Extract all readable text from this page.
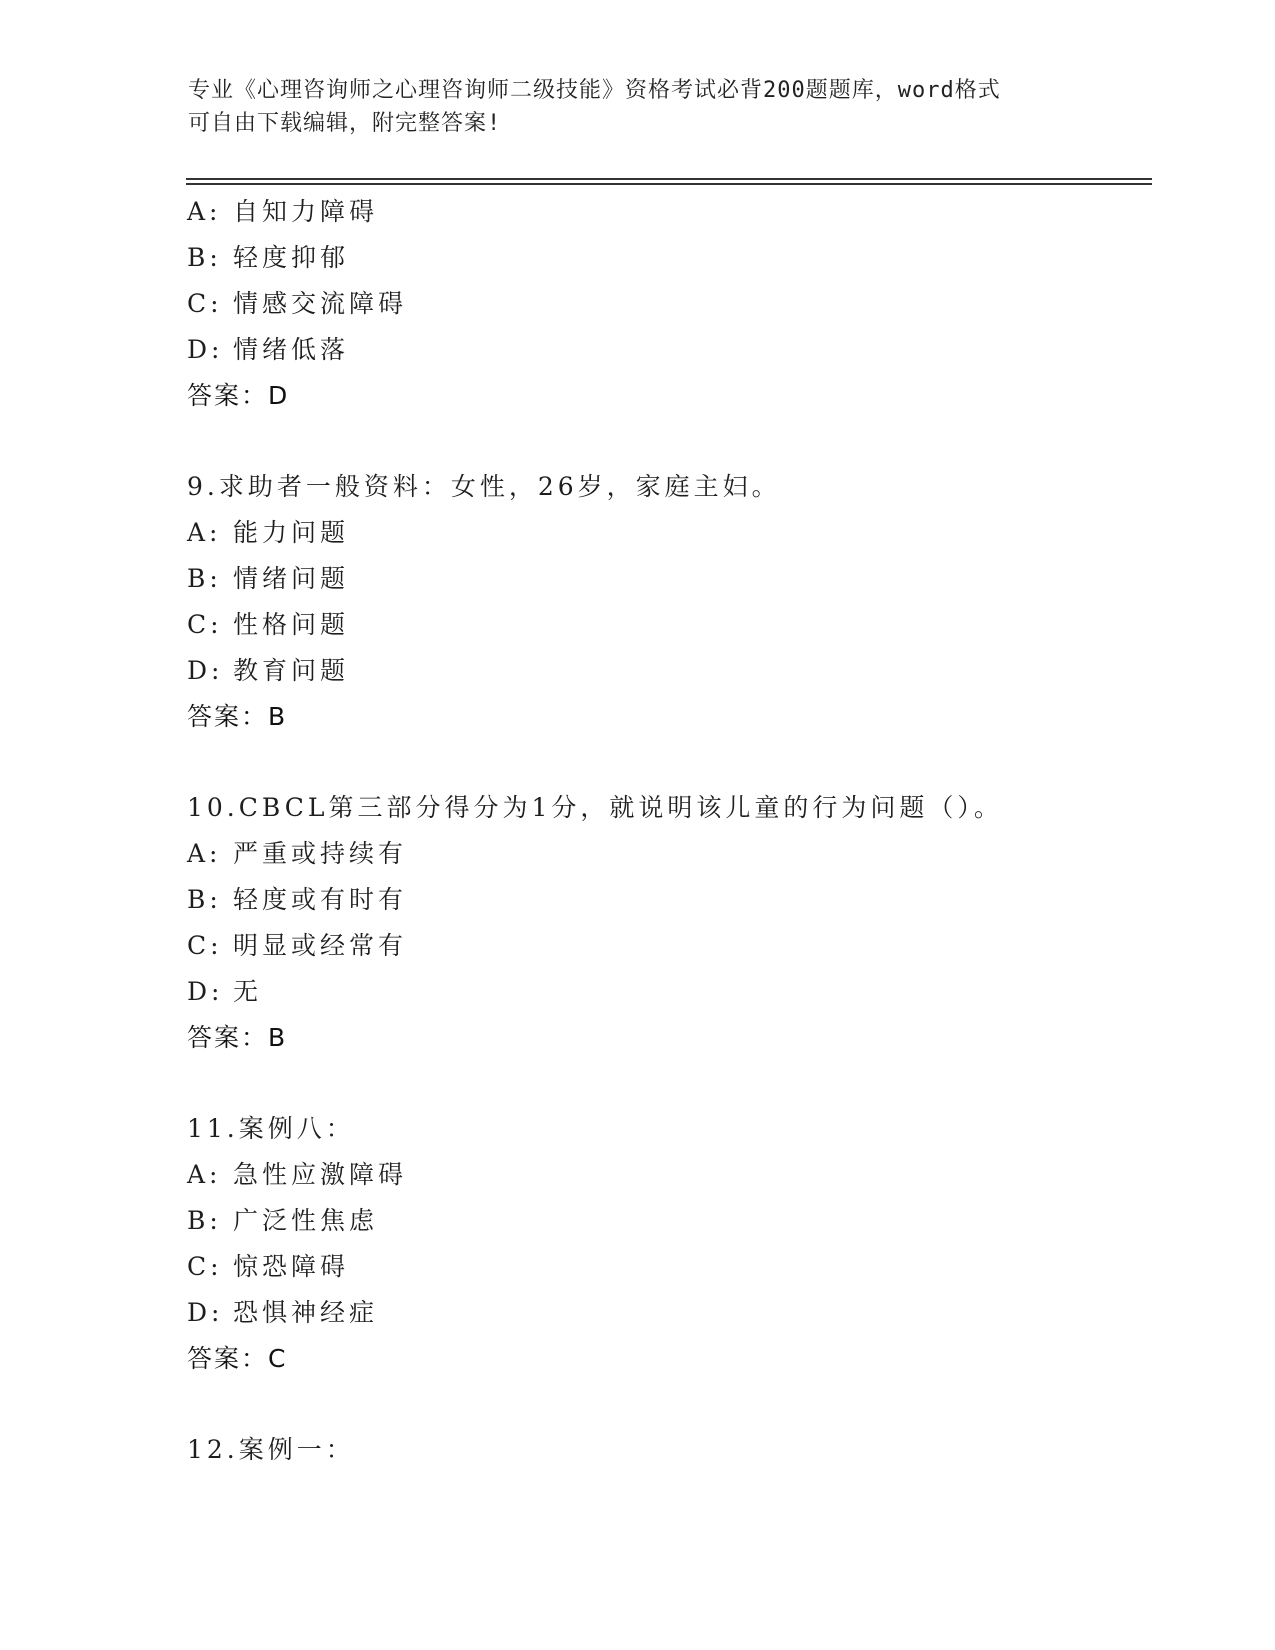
专业《心理咨询师之心理咨询师二级技能》资格考试必背200题题库，word格式
可自由下载编辑，附完整答案!
A: 自知力障碍
B: 轻度抑郁
C: 情感交流障碍
D: 情绪低落
答案：D
9.求助者一般资料：女性，26岁，家庭主妇。
A: 能力问题
B: 情绪问题
C: 性格问题
D: 教育问题
答案：B
10.CBCL第三部分得分为1分，就说明该儿童的行为问题（）。
A: 严重或持续有
B: 轻度或有时有
C: 明显或经常有
D: 无
答案：B
11.案例八：
A: 急性应激障碍
B: 广泛性焦虑
C: 惊恐障碍
D: 恐惧神经症
答案：C
12.案例一：
